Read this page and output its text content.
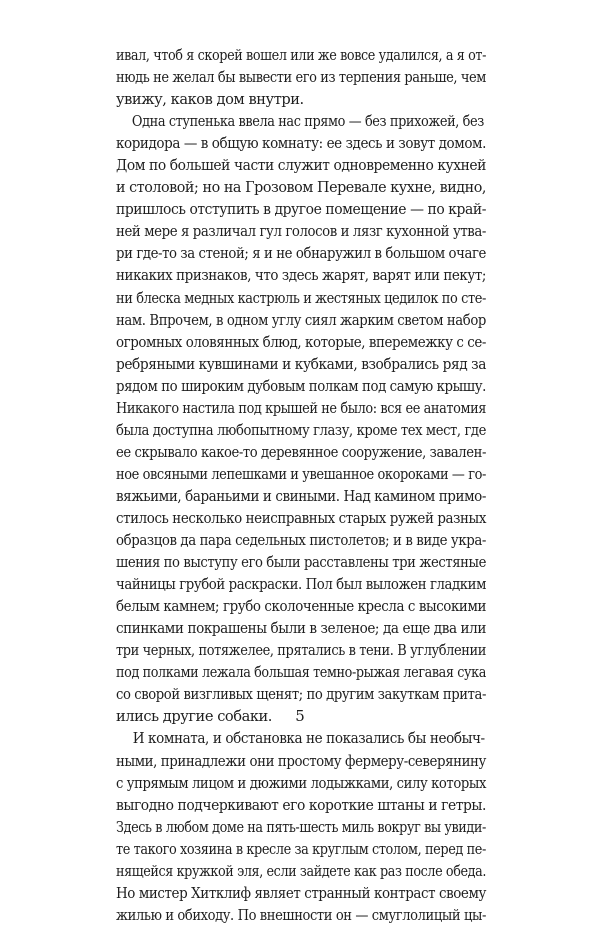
ивал, чтоб я скорей вошел или же вовсе удалился, а я от-
нюдь не желал бы вывести его из терпения раньше, чем
увижу, каков дом внутри.
Одна ступенька ввела нас прямо — без прихожей, без
коридора — в общую комнату: ее здесь и зовут домом.
Дом по большей части служит одновременно кухней
и столовой; но на Грозовом Перевале кухне, видно,
пришлось отступить в другое помещение — по край-
ней мере я различал гул голосов и лязг кухонной утва-
ри где-то за стеной; я и не обнаружил в большом очаге
никаких признаков, что здесь жарят, варят или пекут;
ни блеска медных кастрюль и жестяных цедилок по сте-
нам. Впрочем, в одном углу сиял жарким светом набор
огромных оловянных блюд, которые, вперемежку с се-
ребряными кувшинами и кубками, взобрались ряд за
рядом по широким дубовым полкам под самую крышу.
Никакого настила под крышей не было: вся ее анатомия
была доступна любопытному глазу, кроме тех мест, где
ее скрывало какое-то деревянное сооружение, завален-
ное овсяными лепешками и увешанное окороками — го-
вяжьими, бараньими и свиными. Над камином примо-
стилось несколько неисправных старых ружей разных
образцов да пара седельных пистолетов; и в виде укра-
шения по выступу его были расставлены три жестяные
чайницы грубой раскраски. Пол был выложен гладким
белым камнем; грубо сколоченные кресла с высокими
спинками покрашены были в зеленое; да еще два или
три черных, потяжелее, прятались в тени. В углублении
под полками лежала большая темно-рыжая легавая сука
со сворой визгливых щенят; по другим закуткам прита-
ились другие собаки.
И комната, и обстановка не показались бы необыч-
ными, принадлежи они простому фермеру-северянину
с упрямым лицом и дюжими лодыжками, силу которых
выгодно подчеркивают его короткие штаны и гетры.
Здесь в любом доме на пять-шесть миль вокруг вы увиди-
те такого хозяина в кресле за круглым столом, перед пе-
нящейся кружкой эля, если зайдете как раз после обеда.
Но мистер Хитклиф являет странный контраст своему
жилью и обиходу. По внешности он — смуглолицый цы-
5
